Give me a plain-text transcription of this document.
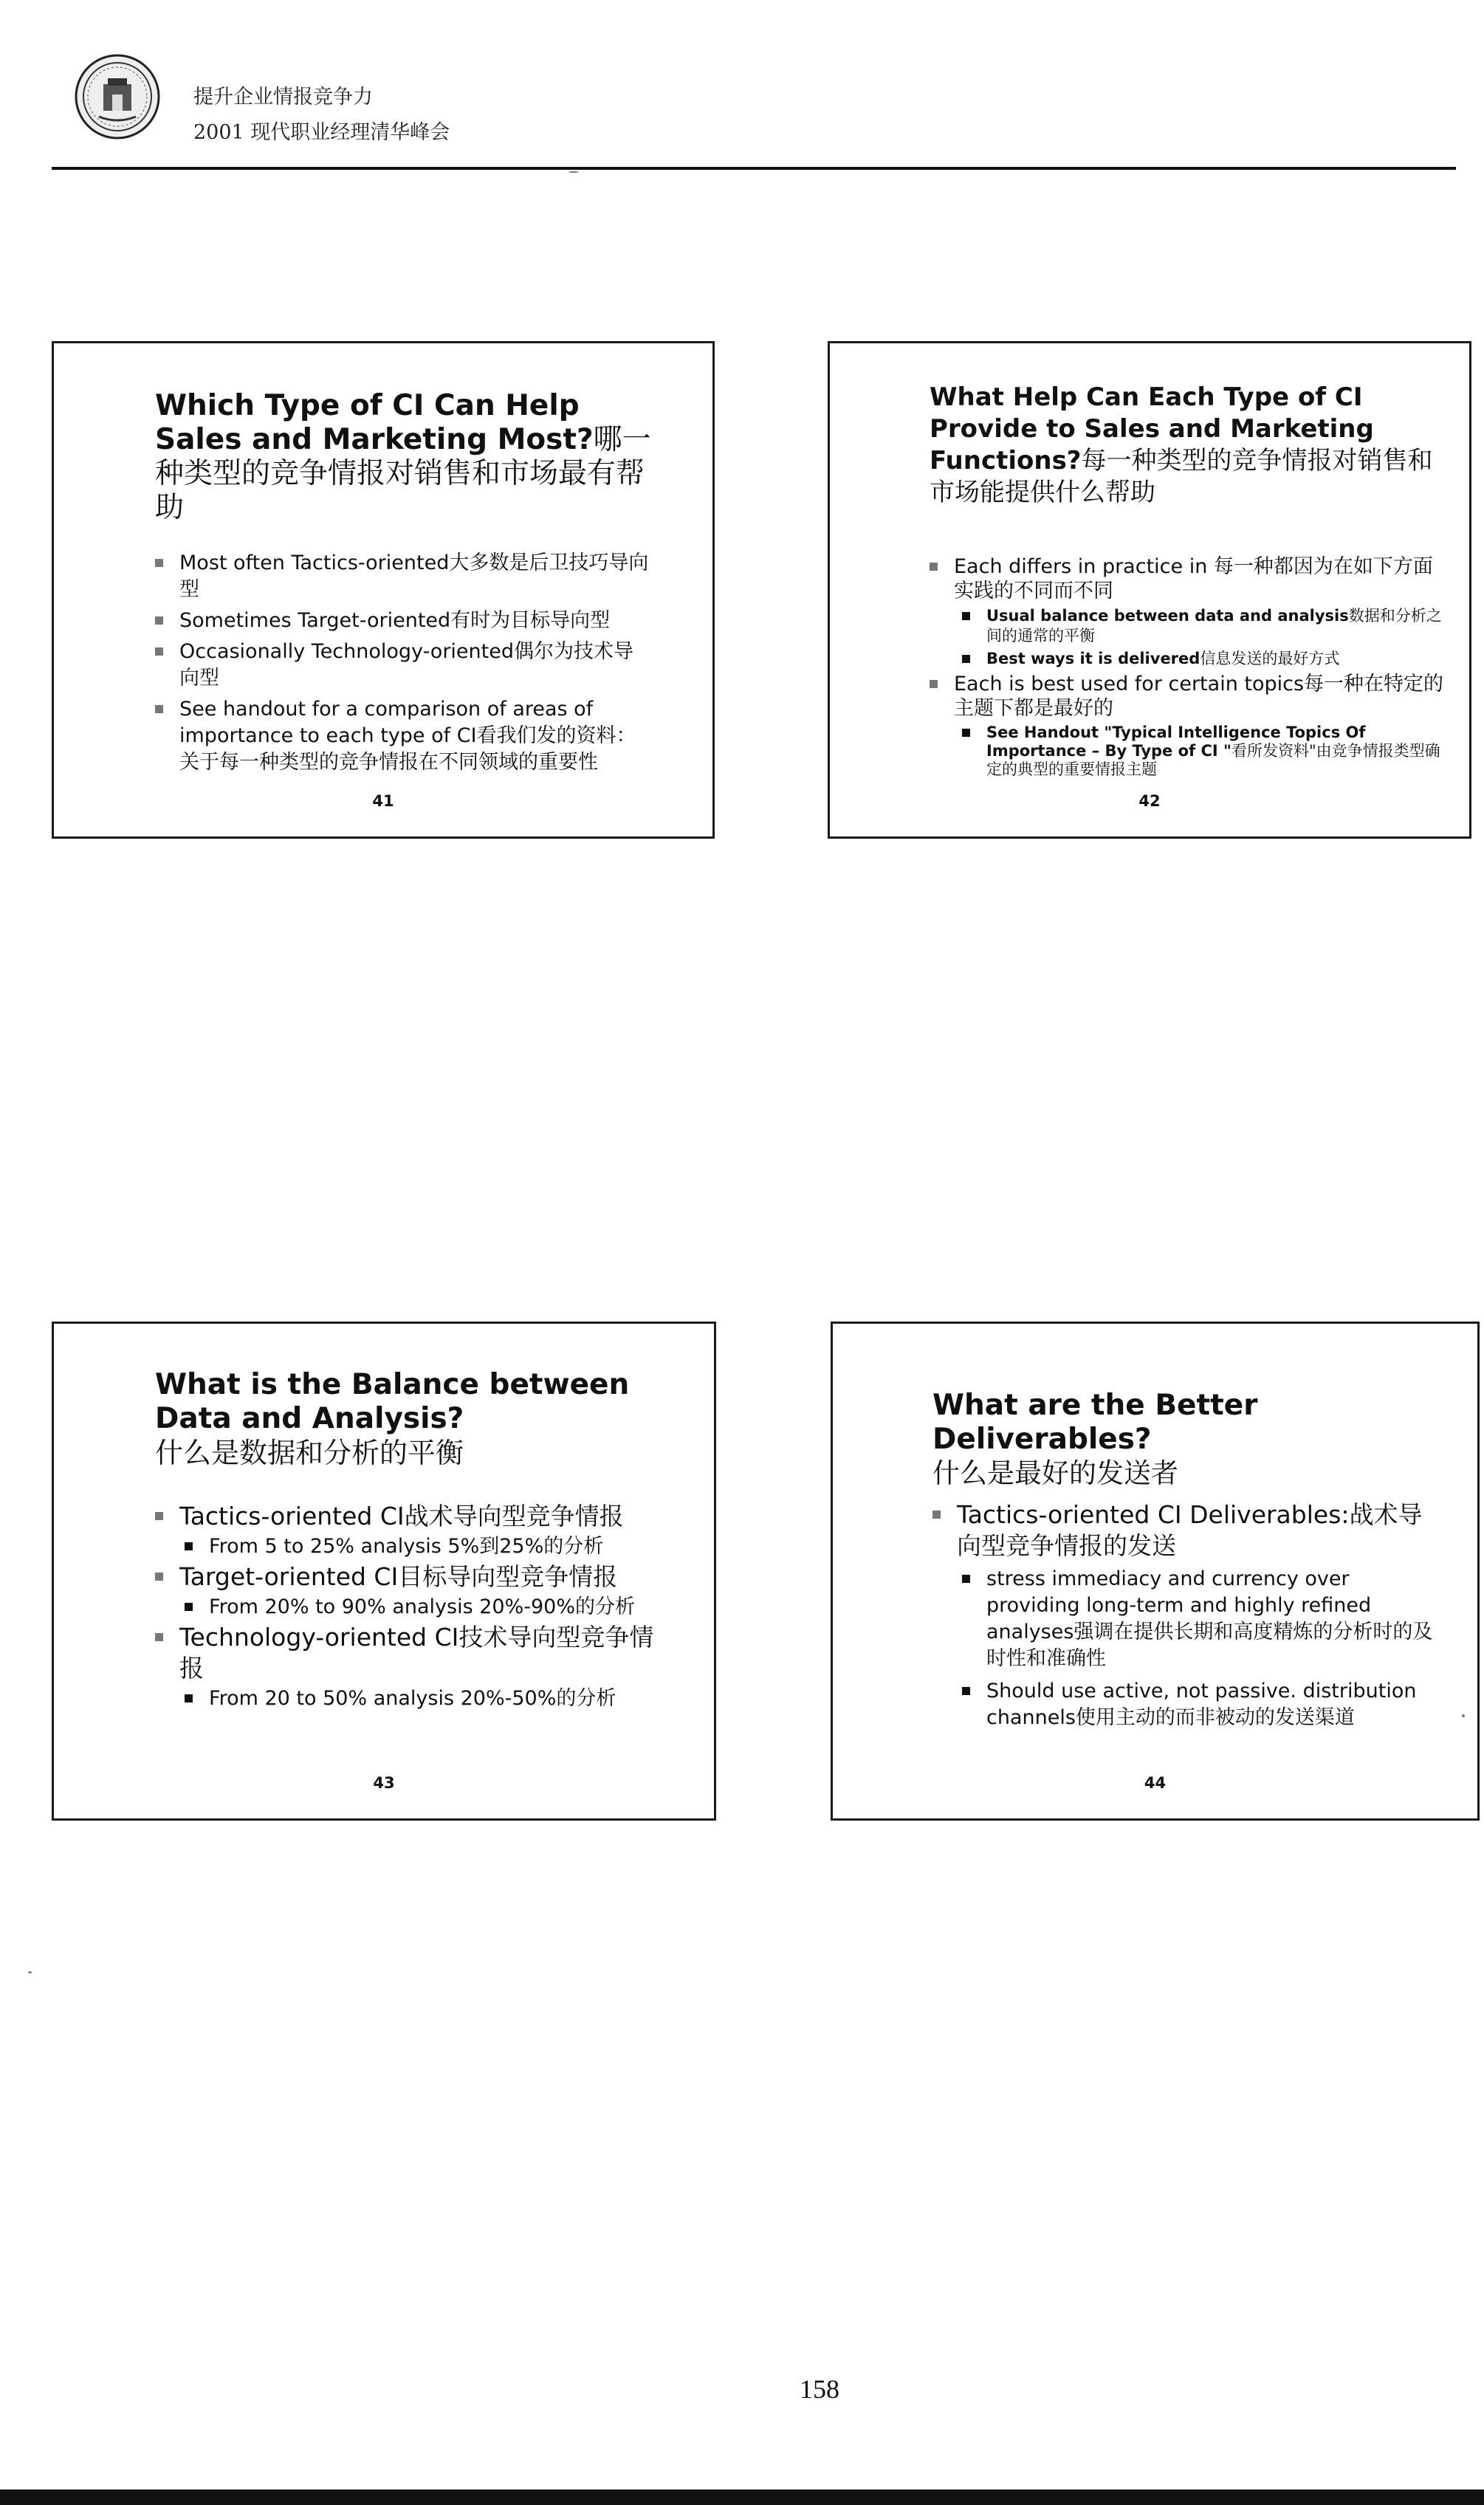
提升企业情报竞争力
2001 现代职业经理清华峰会
Which Type of CI Can Help Sales and Marketing Most?哪一种类型的竞争情报对销售和市场最有帮助
Most often Tactics-oriented大多数是后卫技巧导向型
Sometimes Target-oriented有时为目标导向型
Occasionally Technology-oriented偶尔为技术导向型
See handout for a comparison of areas of importance to each type of CI看我们发的资料：关于每一种类型的竞争情报在不同领域的重要性
41
What Help Can Each Type of CI Provide to Sales and Marketing Functions?每一种类型的竞争情报对销售和市场能提供什么帮助
Each differs in practice in 每一种都因为在如下方面实践的不同而不同
Usual balance between data and analysis数据和分析之间的通常的平衡
Best ways it is delivered信息发送的最好方式
Each is best used for certain topics每一种在特定的主题下都是最好的
See Handout "Typical Intelligence Topics Of Importance – By Type of CI "看所发资料"由竞争情报类型确定的典型的重要情报主题
42
What is the Balance between Data and Analysis?
什么是数据和分析的平衡
Tactics-oriented CI战术导向型竞争情报
From 5 to 25% analysis 5%到25%的分析
Target-oriented CI目标导向型竞争情报
From 20% to 90% analysis 20%-90%的分析
Technology-oriented CI技术导向型竞争情报
From 20 to 50% analysis 20%-50%的分析
43
What are the Better Deliverables?
什么是最好的发送者
Tactics-oriented CI Deliverables:战术导向型竞争情报的发送
stress immediacy and currency over providing long-term and highly refined analyses强调在提供长期和高度精炼的分析时的及时性和准确性
Should use active, not passive. distribution channels使用主动的而非被动的发送渠道
44
158
